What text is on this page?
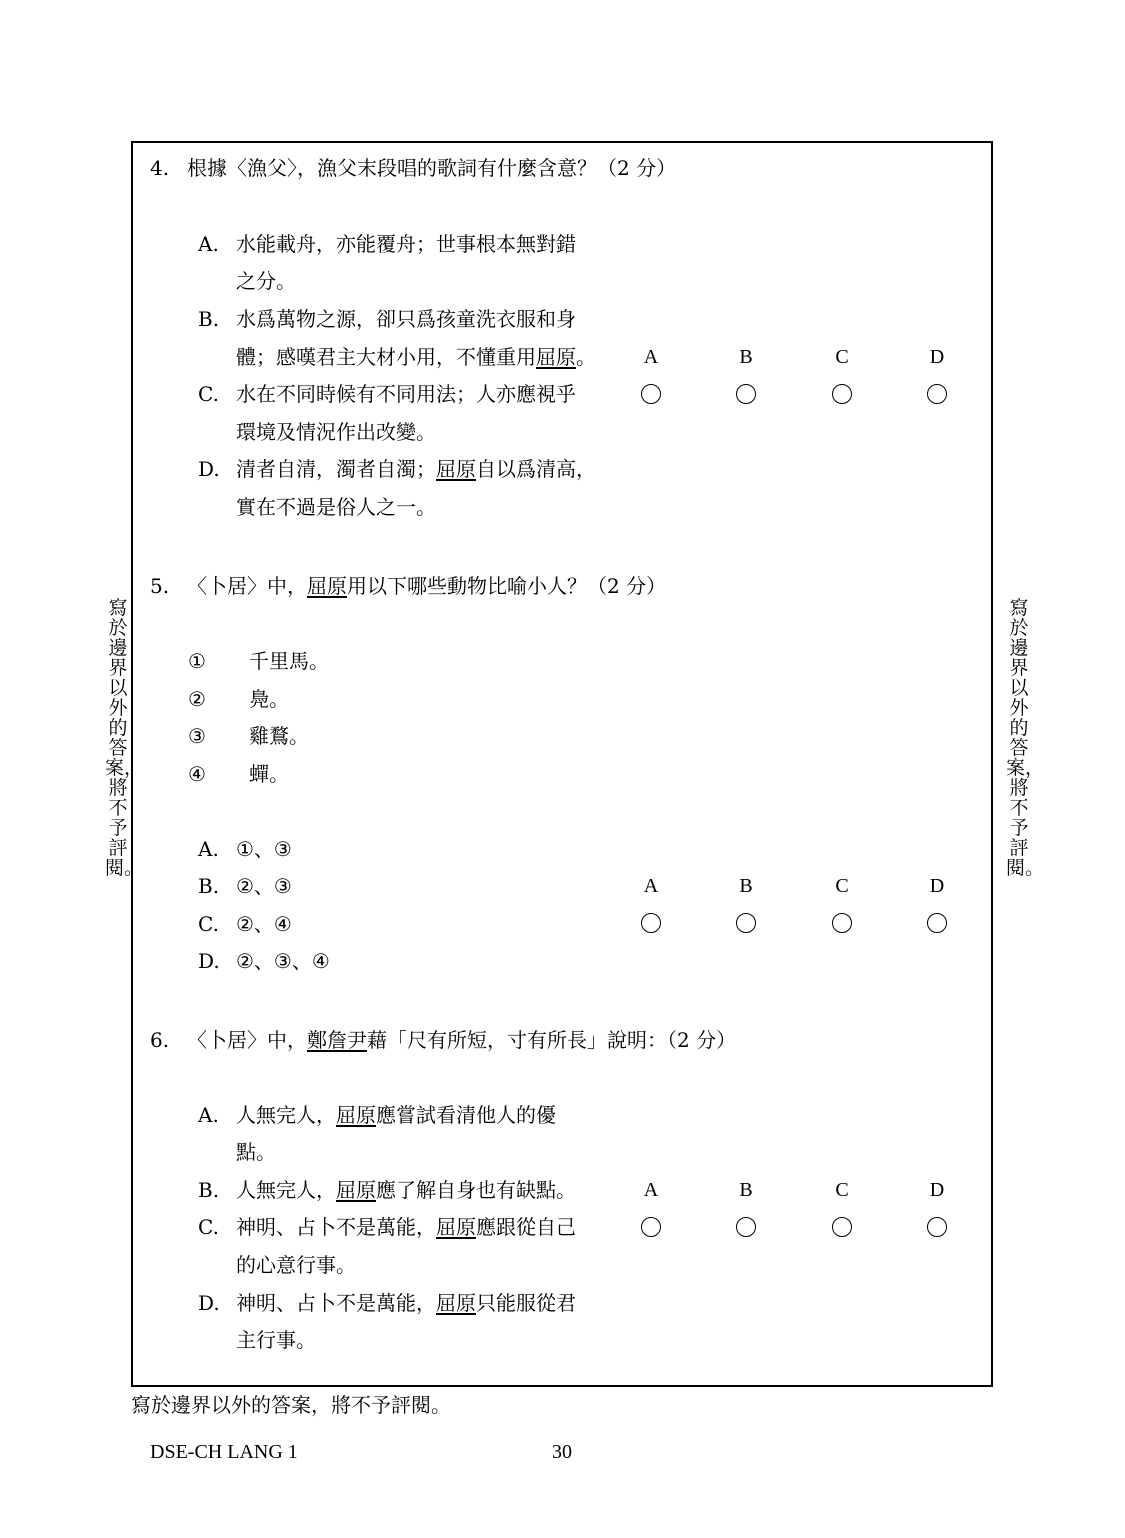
寫於邊界以外的答案，將不予評閱。
寫於邊界以外的答案，將不予評閱。
4. 根據〈漁父〉，漁父末段唱的歌詞有什麼含意？（2 分）
A. 水能載舟，亦能覆舟；世事根本無對錯
之分。
B. 水爲萬物之源，卻只爲孩童洗衣服和身
體；感嘆君主大材小用，不懂重用屈原。
C. 水在不同時候有不同用法；人亦應視乎
環境及情況作出改變。
D. 清者自清，濁者自濁；屈原自以爲清高，
實在不過是俗人之一。
A	B	C	D
5. 〈卜居〉中，屈原用以下哪些動物比喻小人？（2 分）
① 千里馬。
② 鳧。
③ 雞鶩。
④ 蟬。
A. ①、③
B. ②、③
C. ②、④
D. ②、③、④
A	B	C	D
6. 〈卜居〉中，鄭詹尹藉「尺有所短，寸有所長」說明：（2 分）
A. 人無完人，屈原應嘗試看清他人的優
點。
B. 人無完人，屈原應了解自身也有缺點。
C. 神明、占卜不是萬能，屈原應跟從自己
的心意行事。
D. 神明、占卜不是萬能，屈原只能服從君
主行事。
A	B	C	D
寫於邊界以外的答案，將不予評閱。
DSE-CH LANG 1	30
